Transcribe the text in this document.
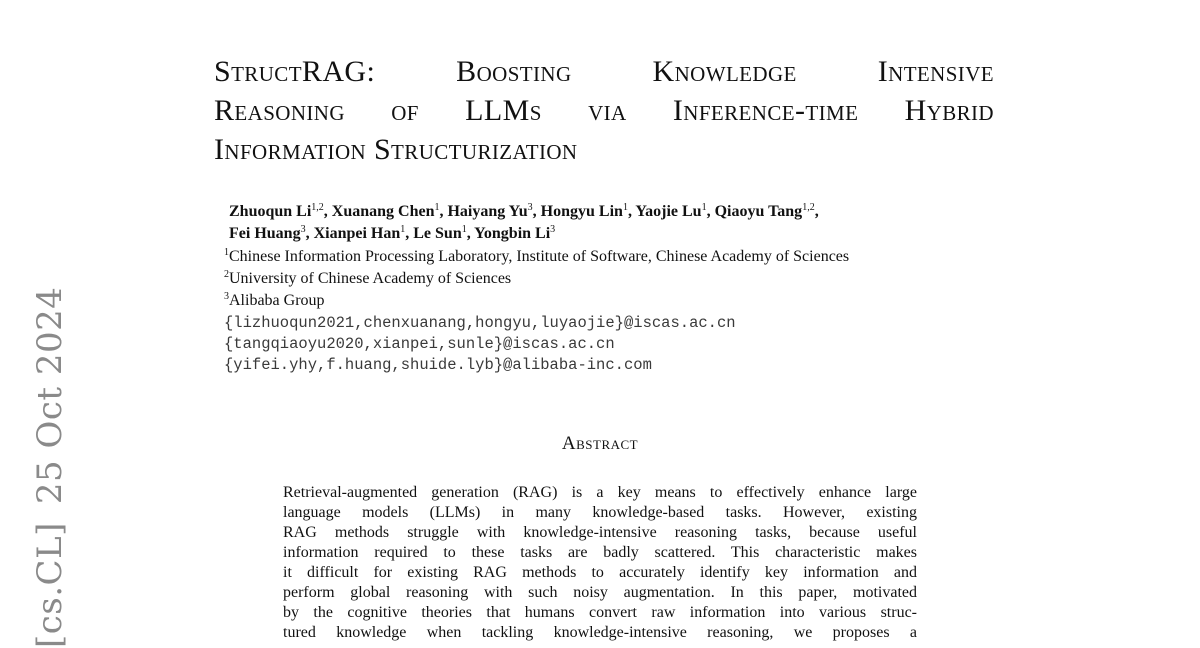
[cs.CL]25 Oct 2024
StructRAG: Boosting Knowledge Intensive
Reasoning of LLMs via Inference-time Hybrid
Information Structurization
Zhuoqun Li$^{1,2}$, Xuanang Chen$^1$, Haiyang Yu$^3$, Hongyu Lin$^1$, Yaojie Lu$^1$, Qiaoyu Tang$^{1,2}$,
Fei Huang$^3$, Xianpei Han$^1$, Le Sun$^1$, Yongbin Li$^3$
$^1$Chinese Information Processing Laboratory, Institute of Software, Chinese Academy of Sciences
$^2$University of Chinese Academy of Sciences
$^3$Alibaba Group
{lizhuoqun2021,chenxuanang,hongyu,luyaojie}@iscas.ac.cn
{tangqiaoyu2020,xianpei,sunle}@iscas.ac.cn
{yifei.yhy,f.huang,shuide.lyb}@alibaba-inc.com
Abstract
Retrieval-augmented generation (RAG) is a key means to effectively enhance large
language models (LLMs) in many knowledge-based tasks. However, existing
RAG methods struggle with knowledge-intensive reasoning tasks, because useful
information required to these tasks are badly scattered. This characteristic makes
it difficult for existing RAG methods to accurately identify key information and
perform global reasoning with such noisy augmentation. In this paper, motivated
by the cognitive theories that humans convert raw information into various struc-
tured knowledge when tackling knowledge-intensive reasoning, we proposes a
